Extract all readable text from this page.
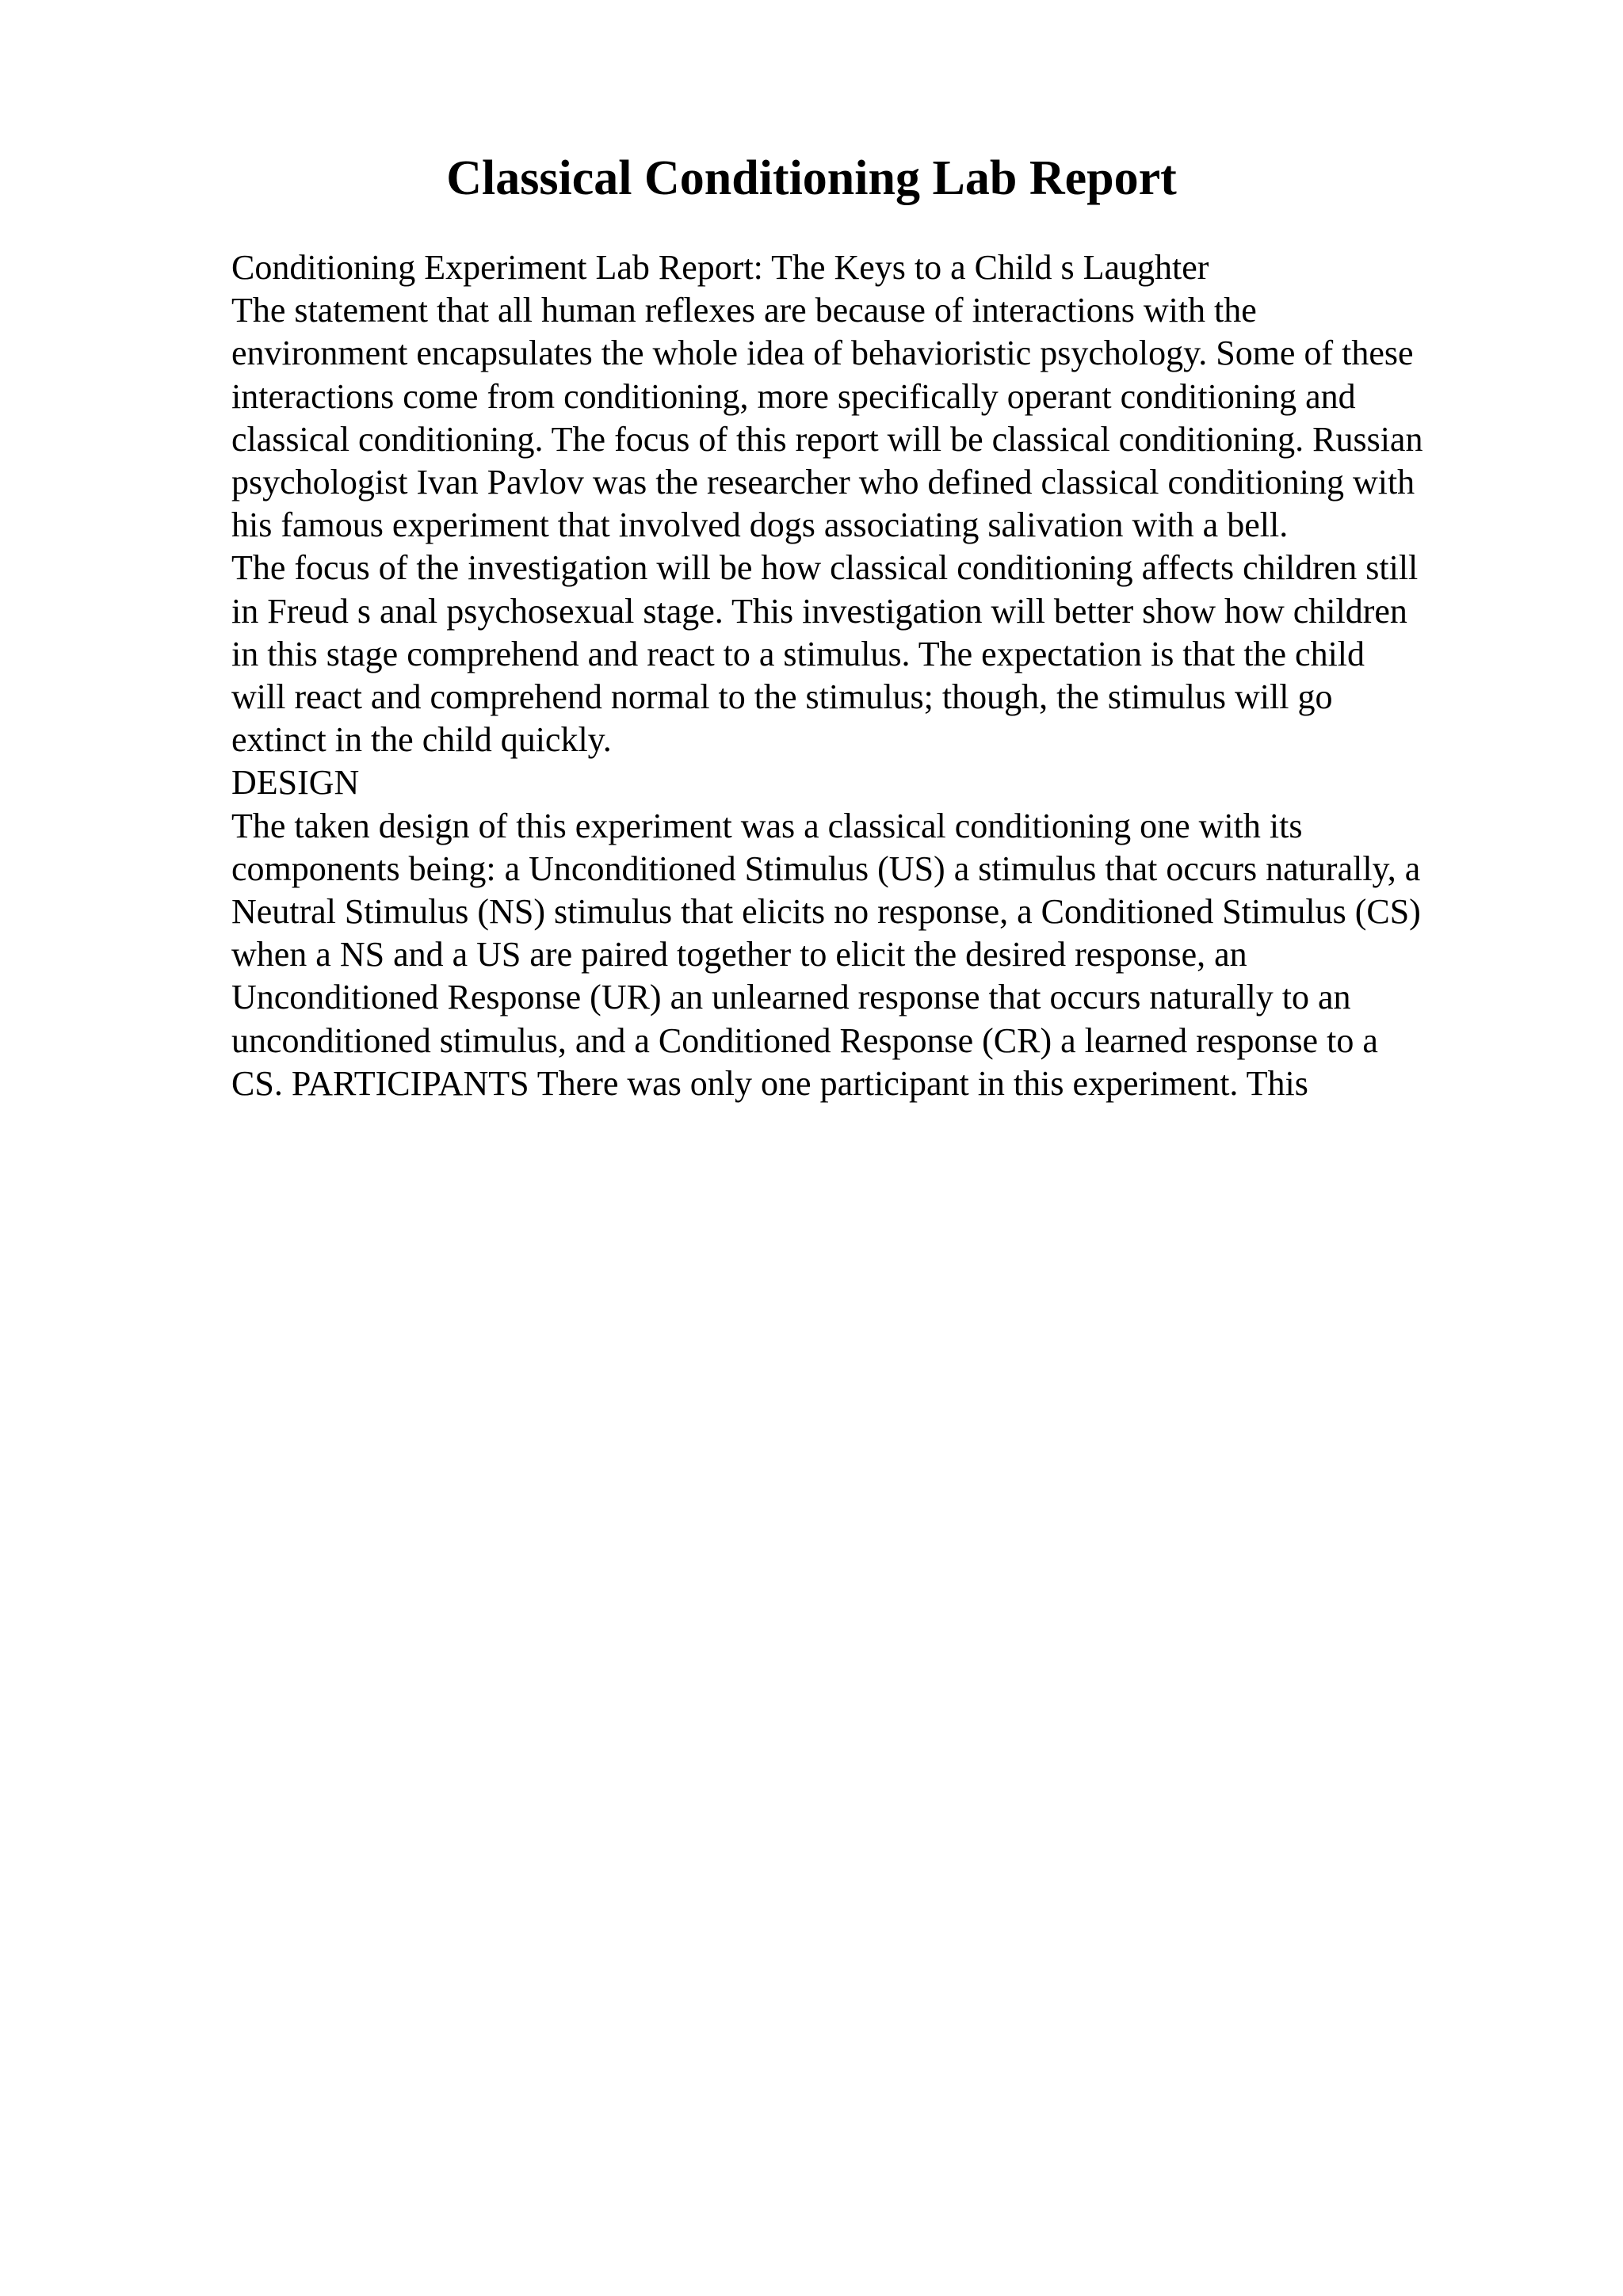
Classical Conditioning Lab Report
Conditioning Experiment Lab Report: The Keys to a Child s Laughter
The statement that all human reflexes are because of interactions with the
environment encapsulates the whole idea of behavioristic psychology. Some of these
interactions come from conditioning, more specifically operant conditioning and
classical conditioning. The focus of this report will be classical conditioning. Russian
psychologist Ivan Pavlov was the researcher who defined classical conditioning with
his famous experiment that involved dogs associating salivation with a bell.
The focus of the investigation will be how classical conditioning affects children still
in Freud s anal psychosexual stage. This investigation will better show how children
in this stage comprehend and react to a stimulus. The expectation is that the child
will react and comprehend normal to the stimulus; though, the stimulus will go
extinct in the child quickly.
DESIGN
The taken design of this experiment was a classical conditioning one with its
components being: a Unconditioned Stimulus (US) a stimulus that occurs naturally, a
Neutral Stimulus (NS) stimulus that elicits no response, a Conditioned Stimulus (CS)
when a NS and a US are paired together to elicit the desired response, an
Unconditioned Response (UR) an unlearned response that occurs naturally to an
unconditioned stimulus, and a Conditioned Response (CR) a learned response to a
CS. PARTICIPANTS There was only one participant in this experiment. This
